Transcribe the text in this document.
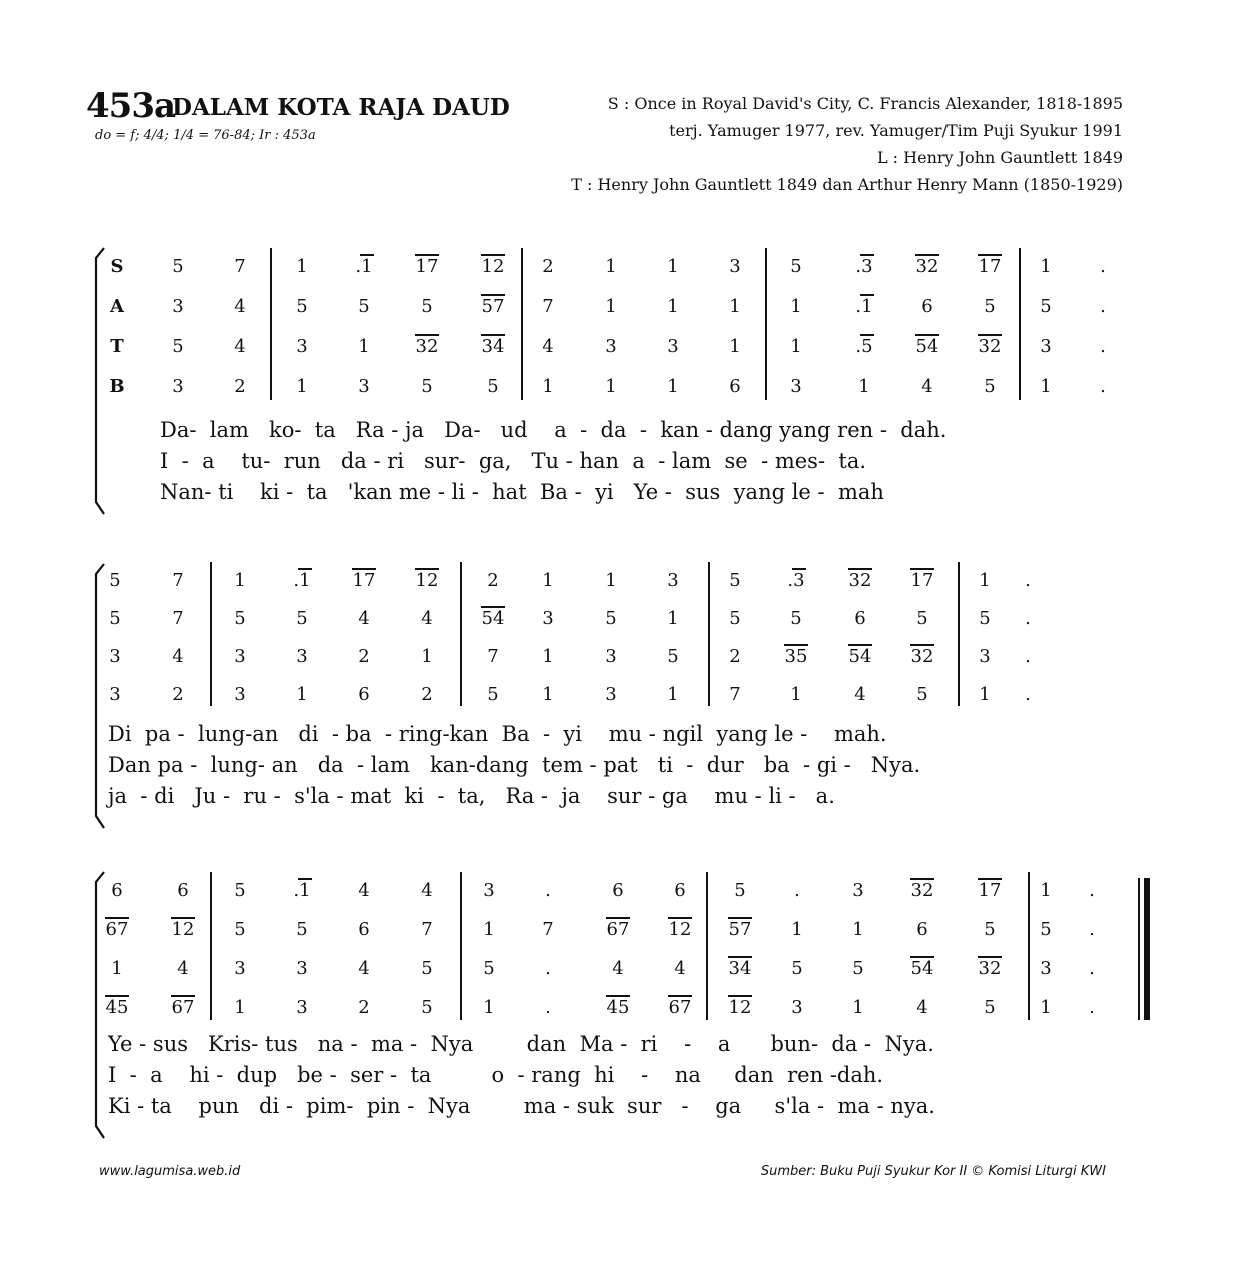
453a
DALAM KOTA RAJA DAUD
do = f; 4/4; 1/4 = 76-84; Ir : 453a
S : Once in Royal David's City, C. Francis Alexander, 1818-1895
terj. Yamuger 1977, rev. Yamuger/Tim Puji Syukur 1991
L : Henry John Gauntlett 1849
T : Henry John Gauntlett 1849 dan Arthur Henry Mann (1850-1929)
S
A
T
B
5	7	1	.1	17	12	2	1	1	3	5	.3	32	17	1	.
3	4	5	5	5	57	7	1	1	1	1	.1	6	5	5	.
5	4	3	1	32	34	4	3	3	1	1	.5	54	32	3	.
3	2	1	3	5	5	1	1	1	6	3	1	4	5	1	.
Da-  lam   ko-  ta   Ra - ja   Da-   ud    a  -  da  -  kan - dang yang ren -  dah.
I  -  a    tu-  run   da - ri   sur-  ga,   Tu - han  a  - lam  se  - mes-  ta.
Nan- ti    ki -  ta   'kan me - li -  hat  Ba -  yi   Ye -  sus  yang le -  mah
5	7	1	.1	17	12	2	1	1	3	5	.3	32	17	1	.
5	7	5	5	4	4	54	3	5	1	5	5	6	5	5	.
3	4	3	3	2	1	7	1	3	5	2	35	54	32	3	.
3	2	3	1	6	2	5	1	3	1	7	1	4	5	1	.
Di  pa -  lung-an   di  - ba  - ring-kan  Ba  -  yi    mu - ngil  yang le -    mah.
Dan pa -  lung- an   da  - lam   kan-dang  tem - pat   ti  -  dur   ba  - gi -   Nya.
ja  - di   Ju -  ru -  s'la - mat  ki  -  ta,   Ra -  ja    sur - ga    mu - li -   a.
6	6	5	.1	4	4	3	.	6	6	5	.	3	32	17	1	.
67	12	5	5	6	7	1	7	67	12	57	1	1	6	5	5	.
1	4	3	3	4	5	5	.	4	4	34	5	5	54	32	3	.
45	67	1	3	2	5	1	.	45	67	12	3	1	4	5	1	.
Ye - sus   Kris- tus   na -  ma -  Nya        dan  Ma -  ri    -    a      bun-  da -  Nya.
I  -  a    hi -  dup   be -  ser -  ta         o  - rang  hi    -    na     dan  ren -dah.
Ki - ta    pun   di -  pim-  pin -  Nya        ma - suk  sur   -    ga     s'la -  ma - nya.
www.lagumisa.web.id	Sumber: Buku Puji Syukur Kor II © Komisi Liturgi KWI
